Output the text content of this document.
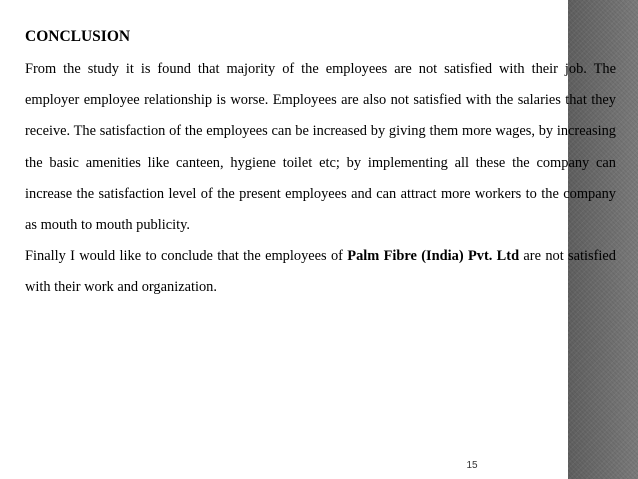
CONCLUSION

From the study it is found that majority of the employees are not satisfied with their job. The employer employee relationship is worse. Employees are also not satisfied with the salaries that they receive. The satisfaction of the employees can be increased by giving them more wages, by increasing the basic amenities like canteen, hygiene toilet etc; by implementing all these the company can increase the satisfaction level of the present employees and can attract more workers to the company as mouth to mouth publicity.

Finally I would like to conclude that the employees of Palm Fibre (India) Pvt. Ltd are not satisfied with their work and organization.

15
